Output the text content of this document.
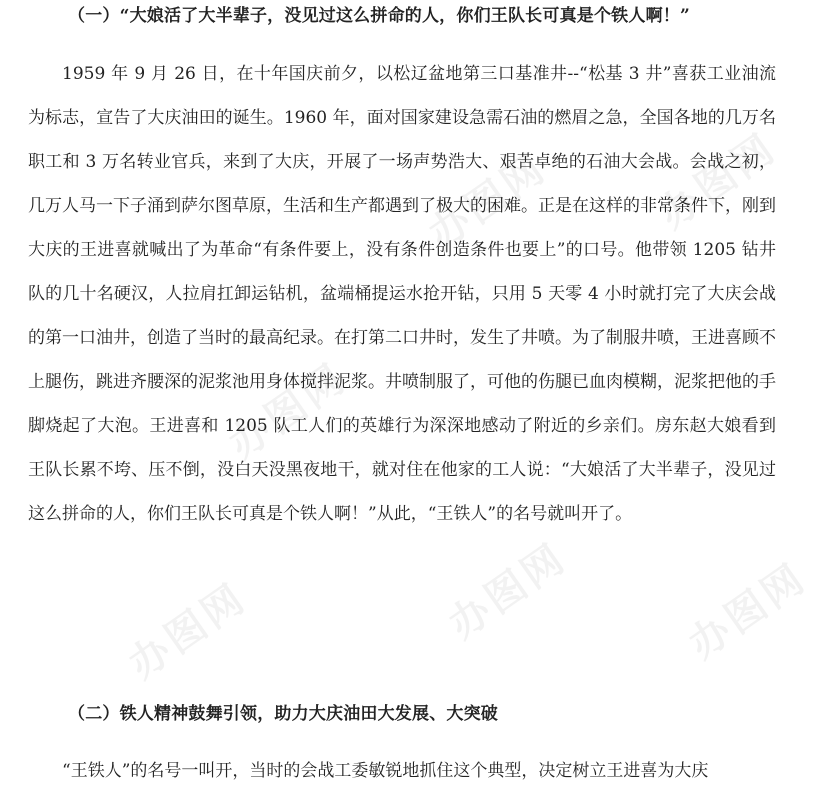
（一）“大娘活了大半辈子，没见过这么拼命的人，你们王队长可真是个铁人啊！”

1959 年 9 月 26 日，在十年国庆前夕，以松辽盆地第三口基准井--“松基 3 井”喜获工业油流为标志，宣告了大庆油田的诞生。1960 年，面对国家建设急需石油的燃眉之急，全国各地的几万名职工和 3 万名转业官兵，来到了大庆，开展了一场声势浩大、艰苦卓绝的石油大会战。会战之初，几万人马一下子涌到萨尔图草原，生活和生产都遇到了极大的困难。正是在这样的非常条件下，刚到大庆的王进喜就喊出了为革命“有条件要上，没有条件创造条件也要上”的口号。他带领 1205 钻井队的几十名硬汉，人拉肩扛卸运钻机，盆端桶提运水抢开钻，只用 5 天零 4 小时就打完了大庆会战的第一口油井，创造了当时的最高纪录。在打第二口井时，发生了井喷。为了制服井喷，王进喜顾不上腿伤，跳进齐腰深的泥浆池用身体搅拌泥浆。井喷制服了，可他的伤腿已血肉模糊，泥浆把他的手脚烧起了大泡。王进喜和 1205 队工人们的英雄行为深深地感动了附近的乡亲们。房东赵大娘看到王队长累不垮、压不倒，没白天没黑夜地干，就对住在他家的工人说：“大娘活了大半辈子，没见过这么拼命的人，你们王队长可真是个铁人啊！”从此，“王铁人”的名号就叫开了。

（二）铁人精神鼓舞引领，助力大庆油田大发展、大突破

“王铁人”的名号一叫开，当时的会战工委敏锐地抓住这个典型，决定树立王进喜为大庆

办图网 办图网
办图网
办图网
办图网	办图网
